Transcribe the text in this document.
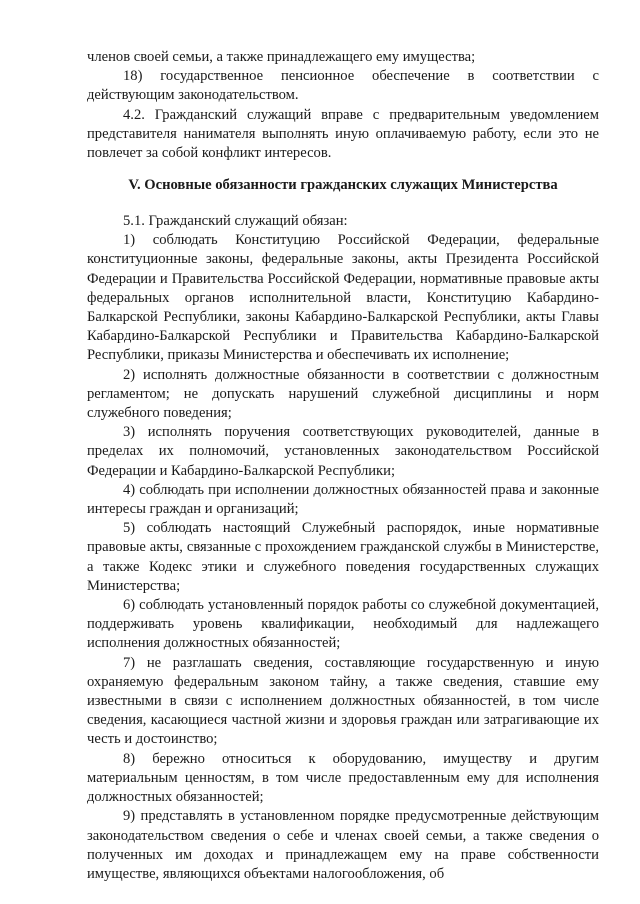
членов своей семьи, а также принадлежащего ему имущества;

18) государственное пенсионное обеспечение в соответствии с действующим законодательством.

4.2. Гражданский служащий вправе с предварительным уведомлением представителя нанимателя выполнять иную оплачиваемую работу, если это не повлечет за собой конфликт интересов.

V. Основные обязанности гражданских служащих Министерства

5.1. Гражданский служащий обязан:

1) соблюдать Конституцию Российской Федерации, федеральные конституционные законы, федеральные законы, акты Президента Российской Федерации и Правительства Российской Федерации, нормативные правовые акты федеральных органов исполнительной власти, Конституцию Кабардино-Балкарской Республики, законы Кабардино-Балкарской Республики, акты Главы Кабардино-Балкарской Республики и Правительства Кабардино-Балкарской Республики, приказы Министерства и обеспечивать их исполнение;

2) исполнять должностные обязанности в соответствии с должностным регламентом; не допускать нарушений служебной дисциплины и норм служебного поведения;

3) исполнять поручения соответствующих руководителей, данные в пределах их полномочий, установленных законодательством Российской Федерации и Кабардино-Балкарской Республики;

4) соблюдать при исполнении должностных обязанностей права и законные интересы граждан и организаций;

5) соблюдать настоящий Служебный распорядок, иные нормативные правовые акты, связанные с прохождением гражданской службы в Министерстве, а также Кодекс этики и служебного поведения государственных служащих Министерства;

6) соблюдать установленный порядок работы со служебной документацией, поддерживать уровень квалификации, необходимый для надлежащего исполнения должностных обязанностей;

7) не разглашать сведения, составляющие государственную и иную охраняемую федеральным законом тайну, а также сведения, ставшие ему известными в связи с исполнением должностных обязанностей, в том числе сведения, касающиеся частной жизни и здоровья граждан или затрагивающие их честь и достоинство;

8) бережно относиться к оборудованию, имуществу и другим материальным ценностям, в том числе предоставленным ему для исполнения должностных обязанностей;

9) представлять в установленном порядке предусмотренные действующим законодательством сведения о себе и членах своей семьи, а также сведения о полученных им доходах и принадлежащем ему на праве собственности имуществе, являющихся объектами налогообложения, об
